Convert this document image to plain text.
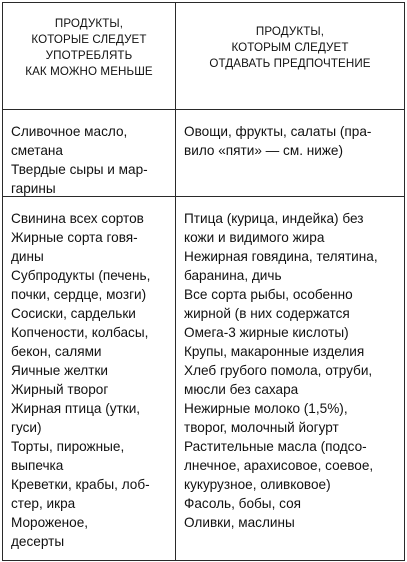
ПРОДУКТЫ,
КОТОРЫЕ СЛЕДУЕТ
УПОТРЕБЛЯТЬ
КАК МОЖНО МЕНЬШЕ
ПРОДУКТЫ,
КОТОРЫМ СЛЕДУЕТ
ОТДАВАТЬ ПРЕДПОЧТЕНИЕ
Сливочное масло,
сметана
Твердые сыры и мар-
гарины
Овощи, фрукты, салаты (пра-
вило «пяти» — см. ниже)
Свинина всех сортов
Жирные сорта говя-
дины
Субпродукты (печень,
почки, сердце, мозги)
Сосиски, сардельки
Копчености, колбасы,
бекон, салями
Яичные желтки
Жирный творог
Жирная птица (утки,
гуси)
Торты, пирожные,
выпечка
Креветки, крабы, лоб-
стер, икра
Мороженое,
десерты
Птица (курица, индейка) без
кожи и видимого жира
Нежирная говядина, телятина,
баранина, дичь
Все сорта рыбы, особенно
жирной (в них содержатся
Омега-3 жирные кислоты)
Крупы, макаронные изделия
Хлеб грубого помола, отруби,
мюсли без сахара
Нежирные молоко (1,5%),
творог, молочный йогурт
Растительные масла (подсо-
лнечное, арахисовое, соевое,
кукурузное, оливковое)
Фасоль, бобы, соя
Оливки, маслины
